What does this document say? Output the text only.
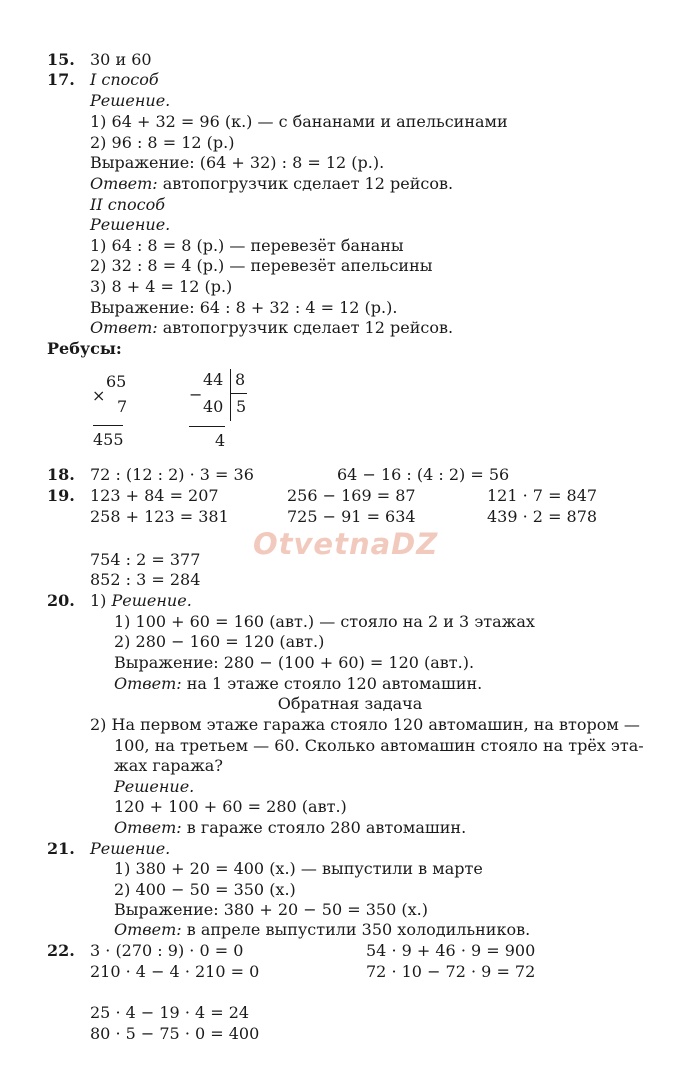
OtvetnaDZ
15. 30 и 60
17. I способ
Решение.
1) 64 + 32 = 96 (к.) — с бананами и апельсинами
2) 96 : 8 = 12 (р.)
Выражение: (64 + 32) : 8 = 12 (р.).
Ответ: автопогрузчик сделает 12 рейсов.
II способ
Решение.
1) 64 : 8 = 8 (р.) — перевезёт бананы
2) 32 : 8 = 4 (р.) — перевезёт апельсины
3) 8 + 4 = 12 (р.)
Выражение: 64 : 8 + 32 : 4 = 12 (р.).
Ответ: автопогрузчик сделает 12 рейсов.
Ребусы:
×
65
7
455
−
44 8
40 5
4
18. 72 : (12 : 2) · 3 = 36	64 − 16 : (4 : 2) = 56
19. 123 + 84 = 207	256 − 169 = 87	121 · 7 = 847
258 + 123 = 381	725 − 91 = 634	439 · 2 = 878
754 : 2 = 377
852 : 3 = 284
20. 1) Решение.
1) 100 + 60 = 160 (авт.) — стояло на 2 и 3 этажах
2) 280 − 160 = 120 (авт.)
Выражение: 280 − (100 + 60) = 120 (авт.).
Ответ: на 1 этаже стояло 120 автомашин.
Обратная задача
2) На первом этаже гаража стояло 120 автомашин, на втором —
100, на третьем — 60. Сколько автомашин стояло на трёх эта-
жах гаража?
Решение.
120 + 100 + 60 = 280 (авт.)
Ответ: в гараже стояло 280 автомашин.
21. Решение.
1) 380 + 20 = 400 (х.) — выпустили в марте
2) 400 − 50 = 350 (х.)
Выражение: 380 + 20 − 50 = 350 (х.)
Ответ: в апреле выпустили 350 холодильников.
22. 3 · (270 : 9) · 0 = 0	54 · 9 + 46 · 9 = 900
210 · 4 − 4 · 210 = 0	72 · 10 − 72 · 9 = 72
25 · 4 − 19 · 4 = 24
80 · 5 − 75 · 0 = 400
